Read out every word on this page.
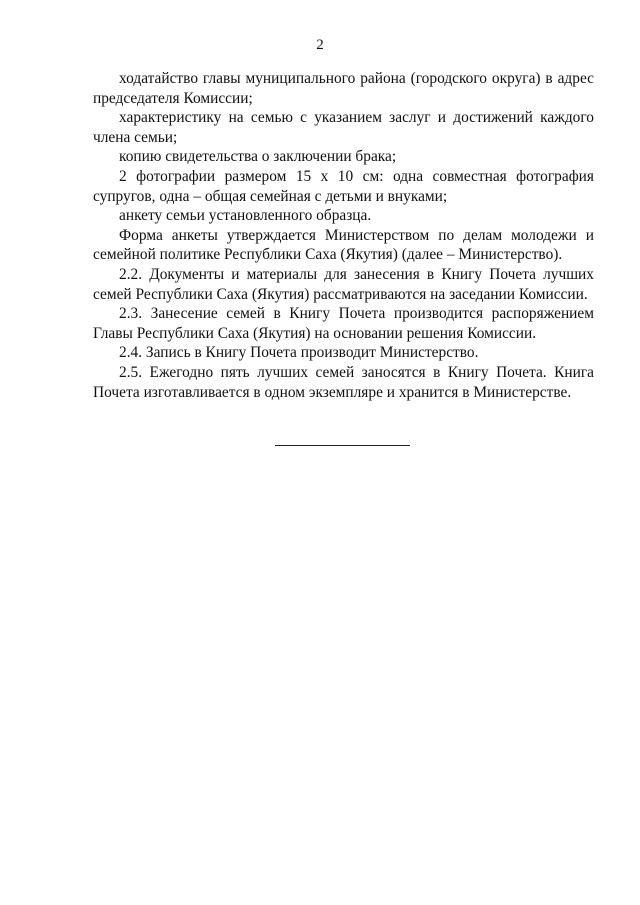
2

ходатайство главы муниципального района (городского округа) в адрес председателя Комиссии;

характеристику на семью с указанием заслуг и достижений каждого члена семьи;

копию свидетельства о заключении брака;

2 фотографии размером 15 х 10 см: одна совместная фотография супругов, одна – общая семейная с детьми и внуками;

анкету семьи установленного образца.

Форма анкеты утверждается Министерством по делам молодежи и семейной политике Республики Саха (Якутия) (далее – Министерство).

2.2. Документы и материалы для занесения в Книгу Почета лучших семей Республики Саха (Якутия) рассматриваются на заседании Комиссии.

2.3. Занесение семей в Книгу Почета производится распоряжением Главы Республики Саха (Якутия) на основании решения Комиссии.

2.4. Запись в Книгу Почета производит Министерство.

2.5. Ежегодно пять лучших семей заносятся в Книгу Почета. Книга Почета изготавливается в одном экземпляре и хранится в Министерстве.
